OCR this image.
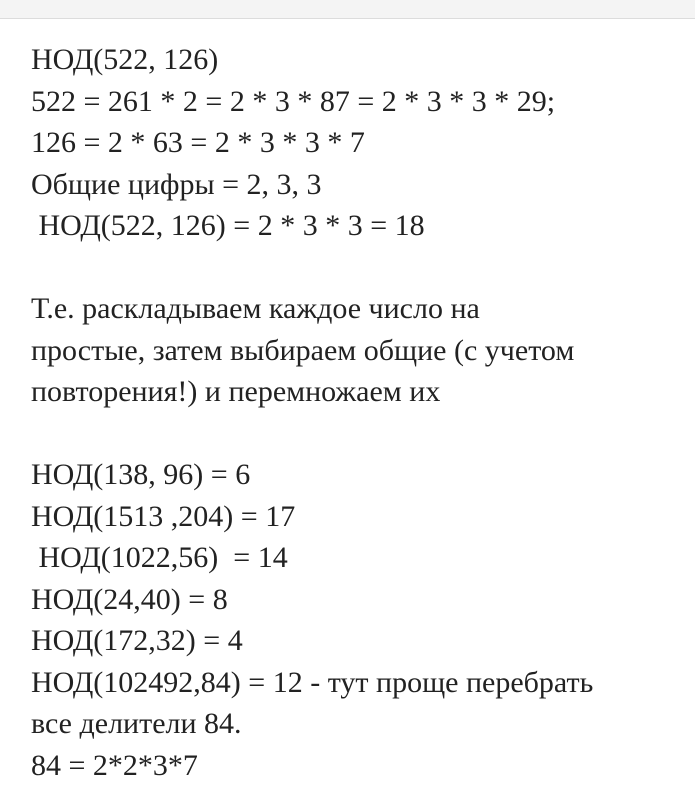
НОД(522, 126)
522 = 261 * 2 = 2 * 3 * 87 = 2 * 3 * 3 * 29;
126 = 2 * 63 = 2 * 3 * 3 * 7
Общие цифры = 2, 3, 3
НОД(522, 126) = 2 * 3 * 3 = 18
Т.е. раскладываем каждое число на
простые, затем выбираем общие (с учетом
повторения!) и перемножаем их
НОД(138, 96) = 6
НОД(1513 ,204) = 17
НОД(1022,56)  = 14
НОД(24,40) = 8
НОД(172,32) = 4
НОД(102492,84) = 12 - тут проще перебрать
все делители 84.
84 = 2*2*3*7
